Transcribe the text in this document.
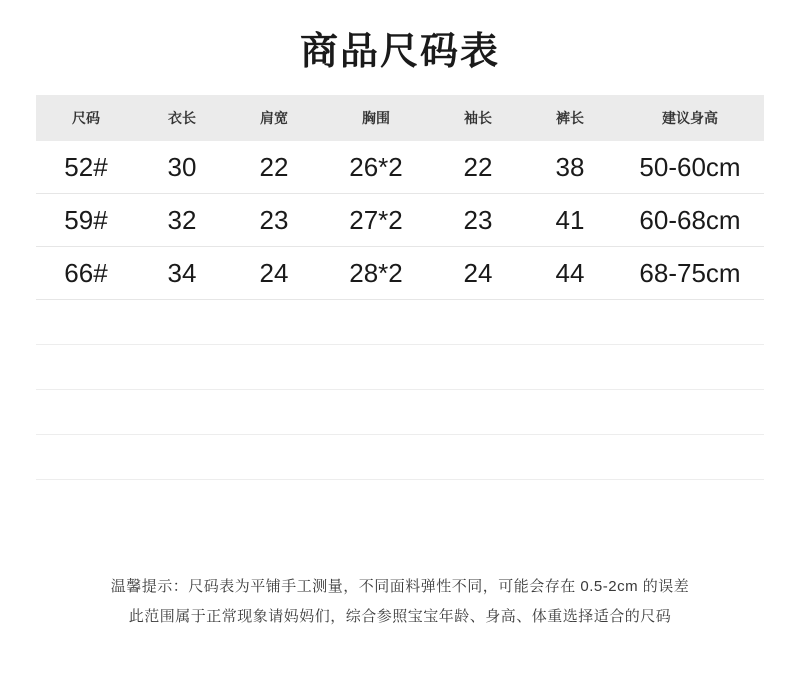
商品尺码表
尺码	衣长	肩宽	胸围	袖长	裤长	建议身高
52#	30	22	26*2	22	38	50-60cm
59#	32	23	27*2	23	41	60-68cm
66#	34	24	28*2	24	44	68-75cm

温馨提示：尺码表为平铺手工测量，不同面料弹性不同，可能会存在 0.5-2cm 的误差
此范围属于正常现象请妈妈们，综合参照宝宝年龄、身高、体重选择适合的尺码
